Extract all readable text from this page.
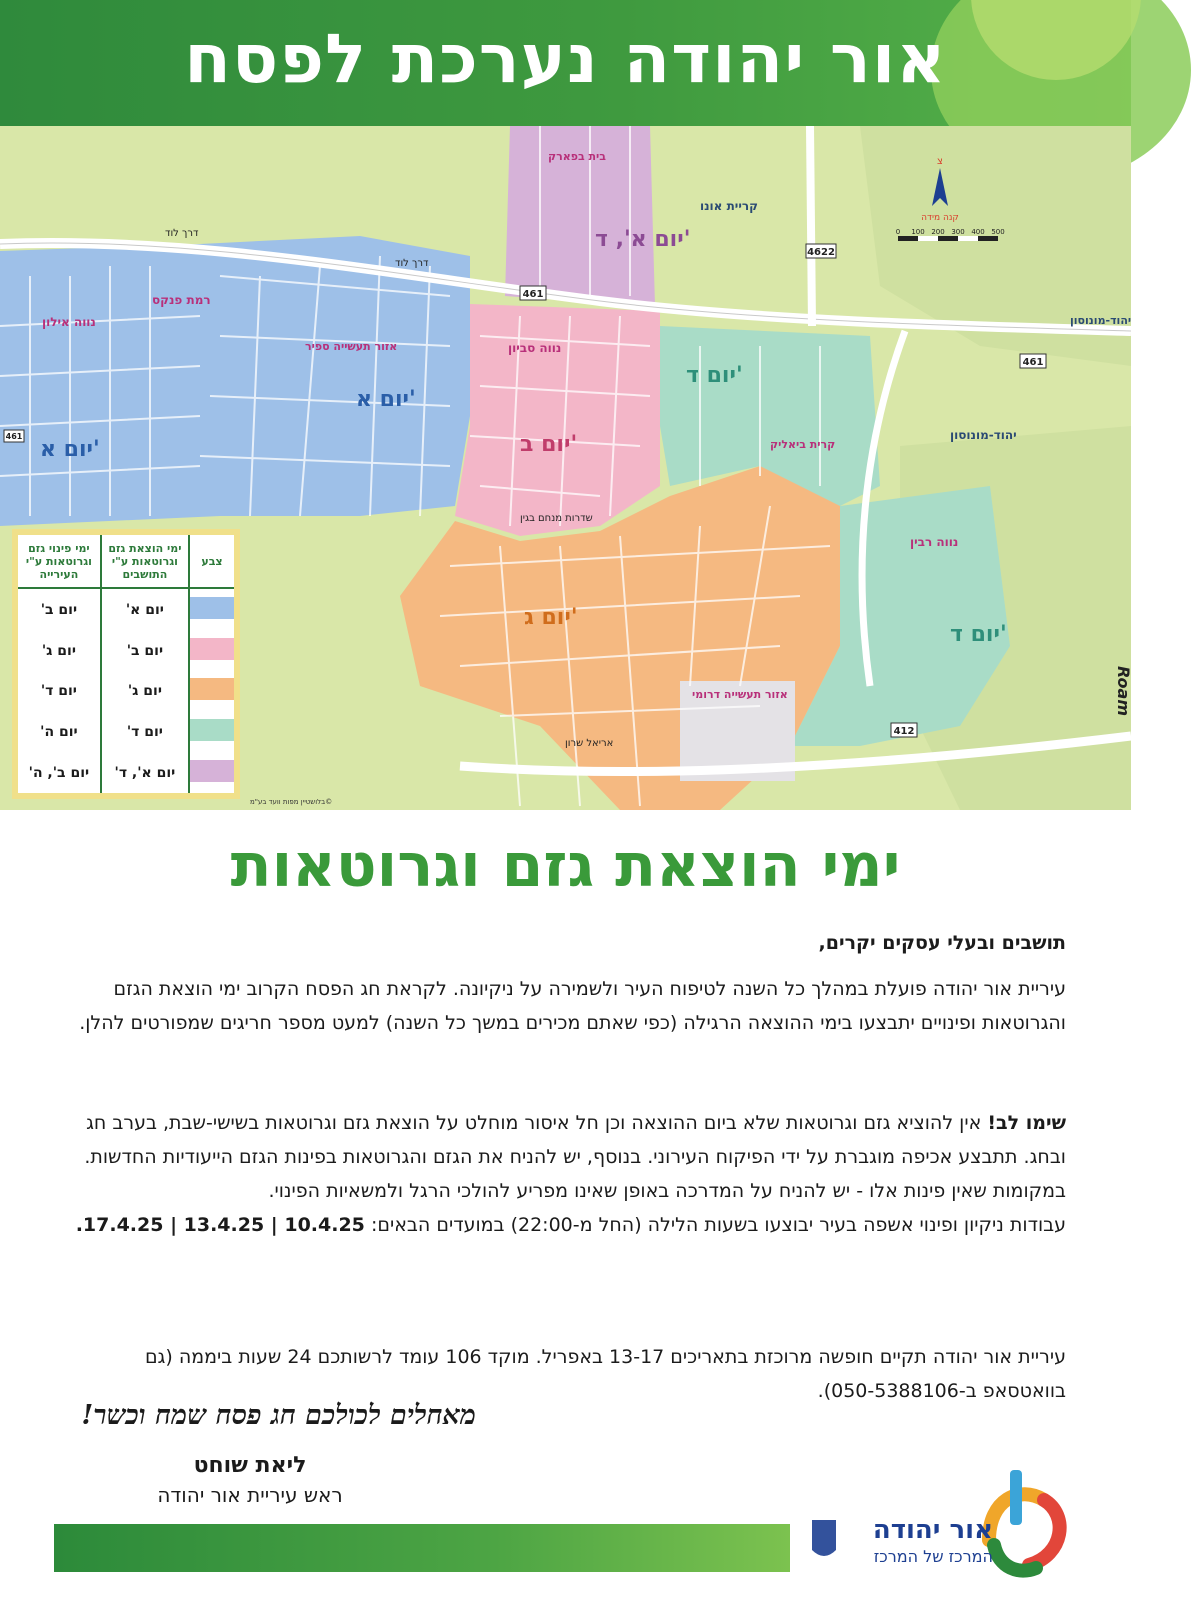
אור יהודה נערכת לפסח
461
461
4622
412
461
דרך לוד
דרך לוד
אריאל שרון
שדרות מנחם בגין
נווה אילון
רמת פנקס
אזור תעשייה ספיר	נווה סביון
בית בפארק
קריית אונו
קרית ביאליק
נווה רבין
אזור תעשייה דרומי
יהוד-מונוסון
יהוד-מונוסון
יום א'
יום א'
יום ב'
יום ג'
יום ד'
יום ד'
יום א', ד'
צ
קנה מידה
0 100 200 300 400 500
Roam
צבע	ימי הוצאת גזם וגרוטאות ע"י התושבים	ימי פינוי גזם וגרוטאות ע"י העירייה
	יום א'	יום ב'
	יום ב'	יום ג'
	יום ג'	יום ד'
	יום ד'	יום ה'
	יום א', ד'	יום ב', ה'
©בלושטיין מפות וועד בע"מ
ימי הוצאת גזם וגרוטאות
תושבים ובעלי עסקים יקרים,
עיריית אור יהודה פועלת במהלך כל השנה לטיפוח העיר ולשמירה על ניקיונה. לקראת חג הפסח הקרוב ימי הוצאת הגזם והגרוטאות ופינויים יתבצעו בימי ההוצאה הרגילה (כפי שאתם מכירים במשך כל השנה) למעט מספר חריגים שמפורטים להלן.
שימו לב! אין להוציא גזם וגרוטאות שלא ביום ההוצאה וכן חל איסור מוחלט על הוצאת גזם וגרוטאות בשישי-שבת, בערב חג ובחג. תתבצע אכיפה מוגברת על ידי הפיקוח העירוני. בנוסף, יש להניח את הגזם והגרוטאות בפינות הגזם הייעודיות החדשות. במקומות שאין פינות אלו - יש להניח על המדרכה באופן שאינו מפריע להולכי הרגל ולמשאיות הפינוי.
עבודות ניקיון ופינוי אשפה בעיר יבוצעו בשעות הלילה (החל מ-22:00) במועדים הבאים: 10.4.25 | 13.4.25 | 17.4.25.
עיריית אור יהודה תקיים חופשה מרוכזת בתאריכים 13-17 באפריל. מוקד 106 עומד לרשותכם 24 שעות ביממה (גם בוואטסאפ ב-050-5388106).
מאחלים לכולכם חג פסח שמח וכשר!
ליאת שוחט
ראש עיריית אור יהודה
אור יהודה
המרכז של המרכז
